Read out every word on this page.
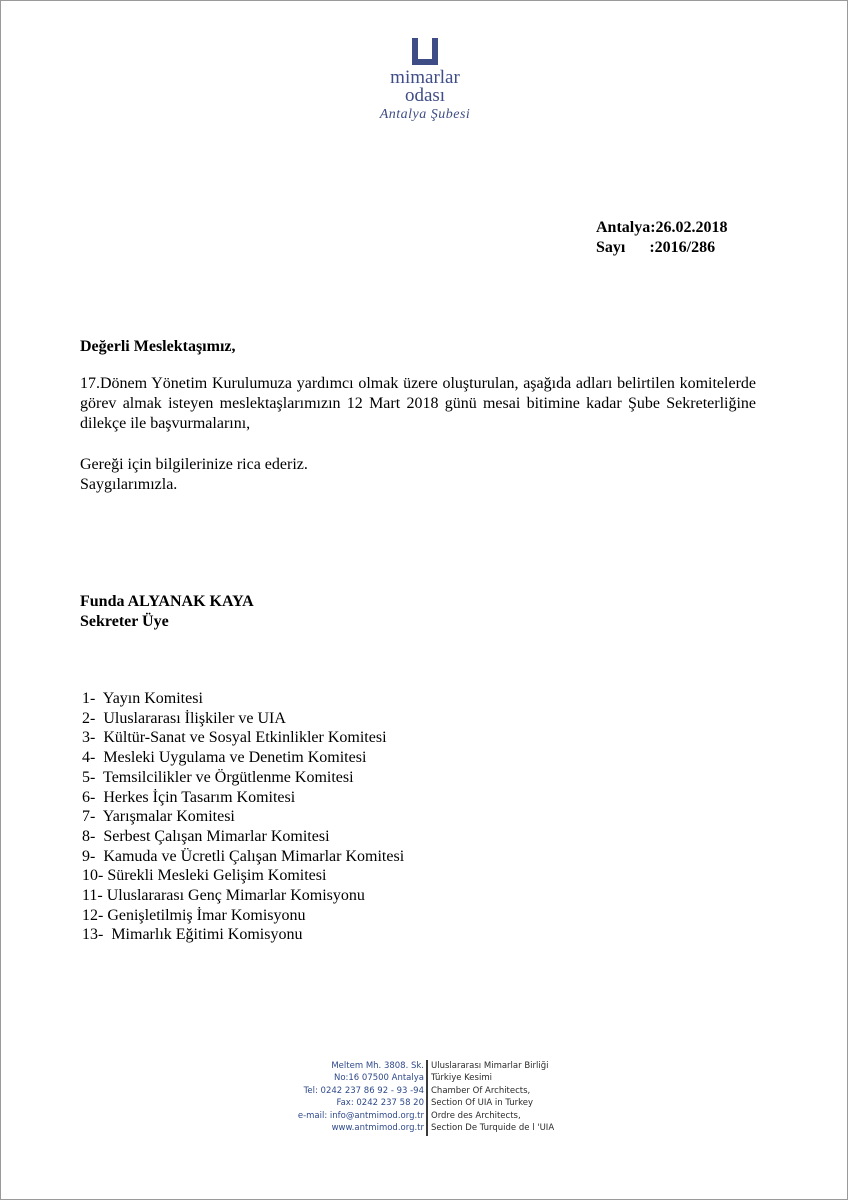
mimarlar
odası
Antalya Şubesi
Antalya:26.02.2018
Sayı      :2016/286
Değerli Meslektaşımız,
17.Dönem Yönetim Kurulumuza yardımcı olmak üzere oluşturulan, aşağıda adları belirtilen komitelerde görev almak isteyen meslektaşlarımızın 12 Mart 2018 günü mesai bitimine kadar Şube Sekreterliğine dilekçe ile başvurmalarını,
Gereği için bilgilerinize rica ederiz.
Saygılarımızla.
Funda ALYANAK KAYA
Sekreter Üye
1-  Yayın Komitesi
2-  Uluslararası İlişkiler ve UIA
3-  Kültür-Sanat ve Sosyal Etkinlikler Komitesi
4-  Mesleki Uygulama ve Denetim Komitesi
5-  Temsilcilikler ve Örgütlenme Komitesi
6-  Herkes İçin Tasarım Komitesi
7-  Yarışmalar Komitesi
8-  Serbest Çalışan Mimarlar Komitesi
9-  Kamuda ve Ücretli Çalışan Mimarlar Komitesi
10- Sürekli Mesleki Gelişim Komitesi
11- Uluslararası Genç Mimarlar Komisyonu
12- Genişletilmiş İmar Komisyonu
13-  Mimarlık Eğitimi Komisyonu
Meltem Mh. 3808. Sk.
No:16 07500 Antalya
Tel: 0242 237 86 92 - 93 -94
Fax: 0242 237 58 20
e-mail: info@antmimod.org.tr
www.antmimod.org.tr
Uluslararası Mimarlar Birliği
Türkiye Kesimi
Chamber Of Architects,
Section Of UIA in Turkey
Ordre des Architects,
Section De Turquide de l 'UIA
